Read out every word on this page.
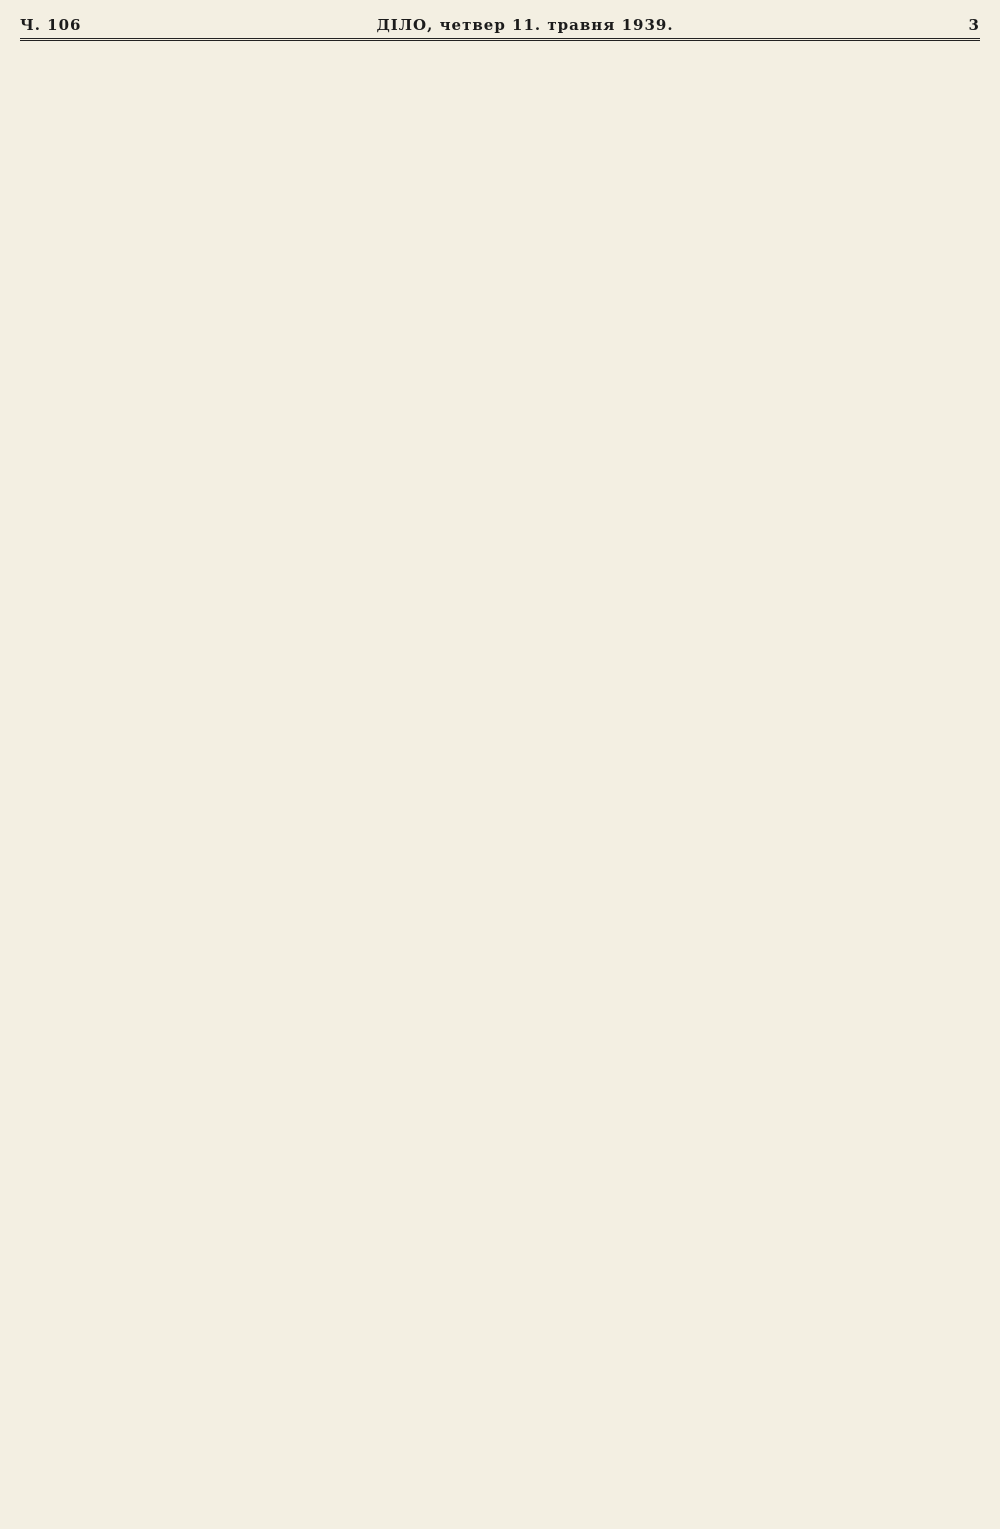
Ч. 106	ДІЛО, четвер 11. травня 1939.	3
